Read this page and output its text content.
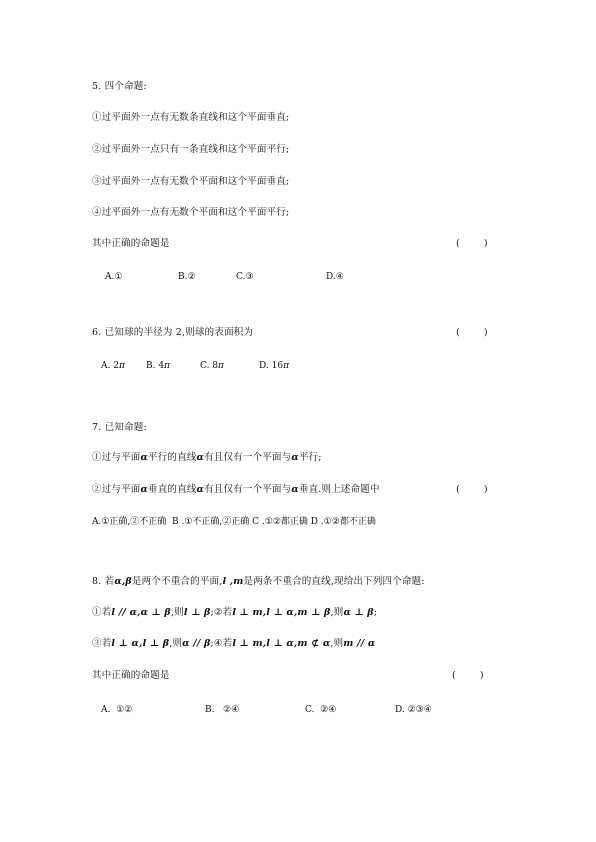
5. 四个命题:
①过平面外一点有无数条直线和这个平面垂直;
②过平面外一点只有一条直线和这个平面平行;
③过平面外一点有无数个平面和这个平面垂直;
④过平面外一点有无数个平面和这个平面平行;
其中正确的命题是	(        )
A.①	B.②	C.③	D.④
6. 已知球的半径为 2,则球的表面积为	(        )
A. 2π B. 4π	C. 8π	D. 16π
7. 已知命题:
①过与平面α平行的直线α有且仅有一个平面与α平行;
②过与平面α垂直的直线α有且仅有一个平面与α垂直.则上述命题中	(        )
A.①正确,②不正确  B .①不正确,②正确 C .①②都正确 D .①②都不正确
8. 若α,β是两个不重合的平面,l ,m是两条不重合的直线,现给出下列四个命题:
①若l // α,α ⊥ β,则l ⊥ β;②若l ⊥ m,l ⊥ α,m ⊥ β,则α ⊥ β;
③若l ⊥ α,l ⊥ β,则α // β;④若l ⊥ m,l ⊥ α,m ⊄ α,则m // α
其中正确的命题是	(        )
A.  ①②	B.   ②④	C.  ②④	D. ②③④
